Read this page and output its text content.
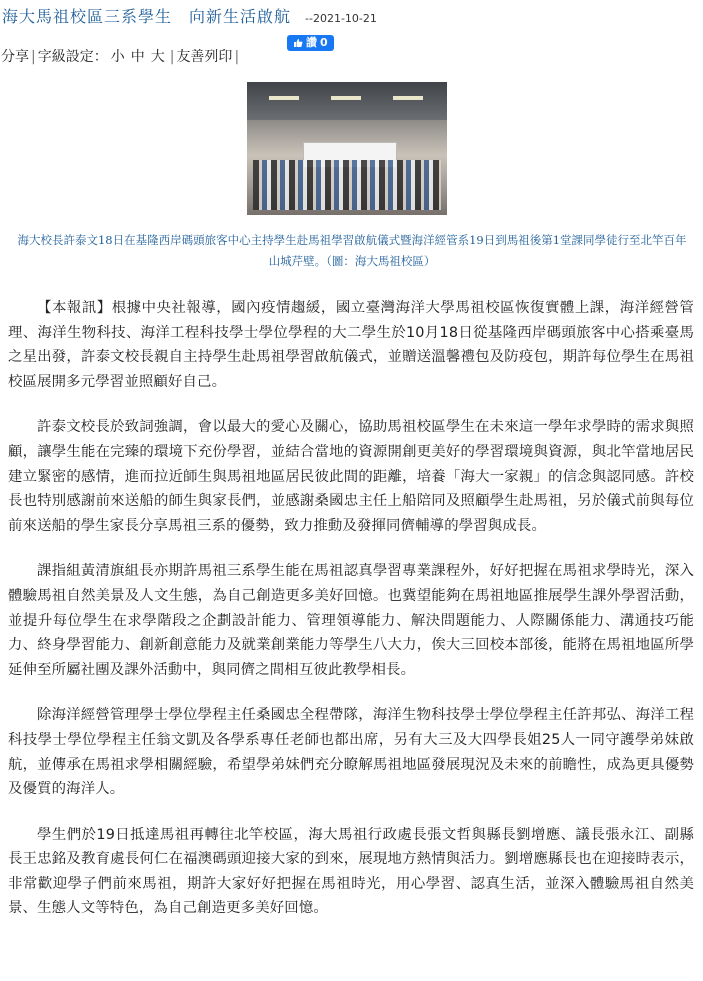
海大馬祖校區三系學生　向新生活啟航 --2021-10-21
讚 0
分享 | 字級設定： 小 中 大 | 友善列印 |
海大校長許泰文18日在基隆西岸碼頭旅客中心主持學生赴馬祖學習啟航儀式暨海洋經管系19日到馬祖後第1堂課同學徒行至北竿百年山城芹壁。（圖：海大馬祖校區）

【本報訊】根據中央社報導，國內疫情趨緩，國立臺灣海洋大學馬祖校區恢復實體上課，海洋經營管理、海洋生物科技、海洋工程科技學士學位學程的大二學生於10月18日從基隆西岸碼頭旅客中心搭乘臺馬之星出發，許泰文校長親自主持學生赴馬祖學習啟航儀式，並贈送溫馨禮包及防疫包，期許每位學生在馬祖校區展開多元學習並照顧好自己。

許泰文校長於致詞強調，會以最大的愛心及關心，協助馬祖校區學生在未來這一學年求學時的需求與照顧，讓學生能在完臻的環境下充份學習，並結合當地的資源開創更美好的學習環境與資源，與北竿當地居民建立緊密的感情，進而拉近師生與馬祖地區居民彼此間的距離，培養「海大一家親」的信念與認同感。許校長也特別感謝前來送船的師生與家長們，並感謝桑國忠主任上船陪同及照顧學生赴馬祖，另於儀式前與每位前來送船的學生家長分享馬祖三系的優勢，致力推動及發揮同儕輔導的學習與成長。

課指組黃清旗組長亦期許馬祖三系學生能在馬祖認真學習專業課程外，好好把握在馬祖求學時光，深入體驗馬祖自然美景及人文生態，為自己創造更多美好回憶。也冀望能夠在馬祖地區推展學生課外學習活動，並提升每位學生在求學階段之企劃設計能力、管理領導能力、解決問題能力、人際關係能力、溝通技巧能力、終身學習能力、創新創意能力及就業創業能力等學生八大力，俟大三回校本部後，能將在馬祖地區所學延伸至所屬社團及課外活動中，與同儕之間相互彼此教學相長。

除海洋經營管理學士學位學程主任桑國忠全程帶隊，海洋生物科技學士學位學程主任許邦弘、海洋工程科技學士學位學程主任翁文凱及各學系專任老師也都出席，另有大三及大四學長姐25人一同守護學弟妹啟航，並傳承在馬祖求學相關經驗，希望學弟妹們充分瞭解馬祖地區發展現況及未來的前瞻性，成為更具優勢及優質的海洋人。

學生們於19日抵達馬祖再轉往北竿校區，海大馬祖行政處長張文哲與縣長劉增應、議長張永江、副縣長王忠銘及教育處長何仁在福澳碼頭迎接大家的到來，展現地方熱情與活力。劉增應縣長也在迎接時表示，非常歡迎學子們前來馬祖，期許大家好好把握在馬祖時光，用心學習、認真生活，並深入體驗馬祖自然美景、生態人文等特色，為自己創造更多美好回憶。
